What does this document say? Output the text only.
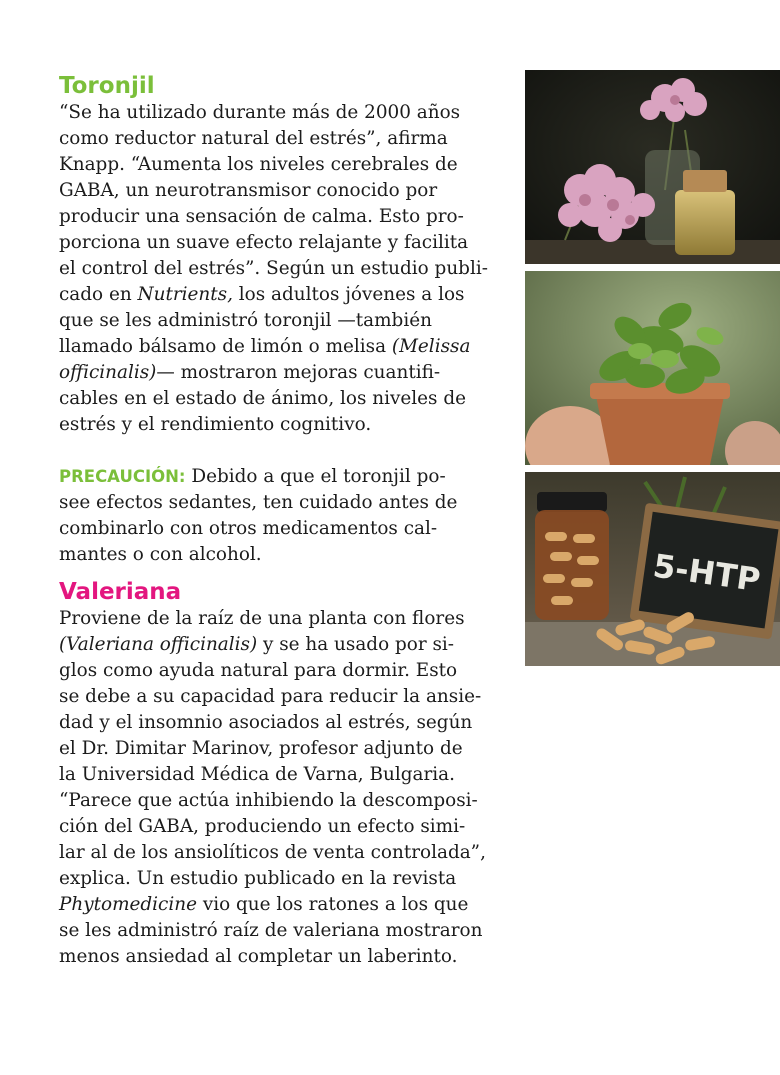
Toronjil

“Se ha utilizado durante más de 2000 años
como reductor natural del estrés”, afirma
Knapp. “Aumenta los niveles cerebrales de
GABA, un neurotransmisor conocido por
producir una sensación de calma. Esto pro-
porciona un suave efecto relajante y facilita
el control del estrés”. Según un estudio publi-
cado en Nutrients, los adultos jóvenes a los
que se les administró toronjil —también
llamado bálsamo de limón o melisa (Melissa
officinalis)— mostraron mejoras cuantifi-
cables en el estado de ánimo, los niveles de
estrés y el rendimiento cognitivo.

PRECAUCIÓN: Debido a que el toronjil po-
see efectos sedantes, ten cuidado antes de
combinarlo con otros medicamentos cal-
mantes o con alcohol.

Valeriana

Proviene de la raíz de una planta con flores
(Valeriana officinalis) y se ha usado por si-
glos como ayuda natural para dormir. Esto
se debe a su capacidad para reducir la ansie-
dad y el insomnio asociados al estrés, según
el Dr. Dimitar Marinov, profesor adjunto de
la Universidad Médica de Varna, Bulgaria.
“Parece que actúa inhibiendo la descomposi-
ción del GABA, produciendo un efecto simi-
lar al de los ansiolíticos de venta controlada”,
explica. Un estudio publicado en la revista
Phytomedicine vio que los ratones a los que
se les administró raíz de valeriana mostraron
menos ansiedad al completar un laberinto.

5-HTP
